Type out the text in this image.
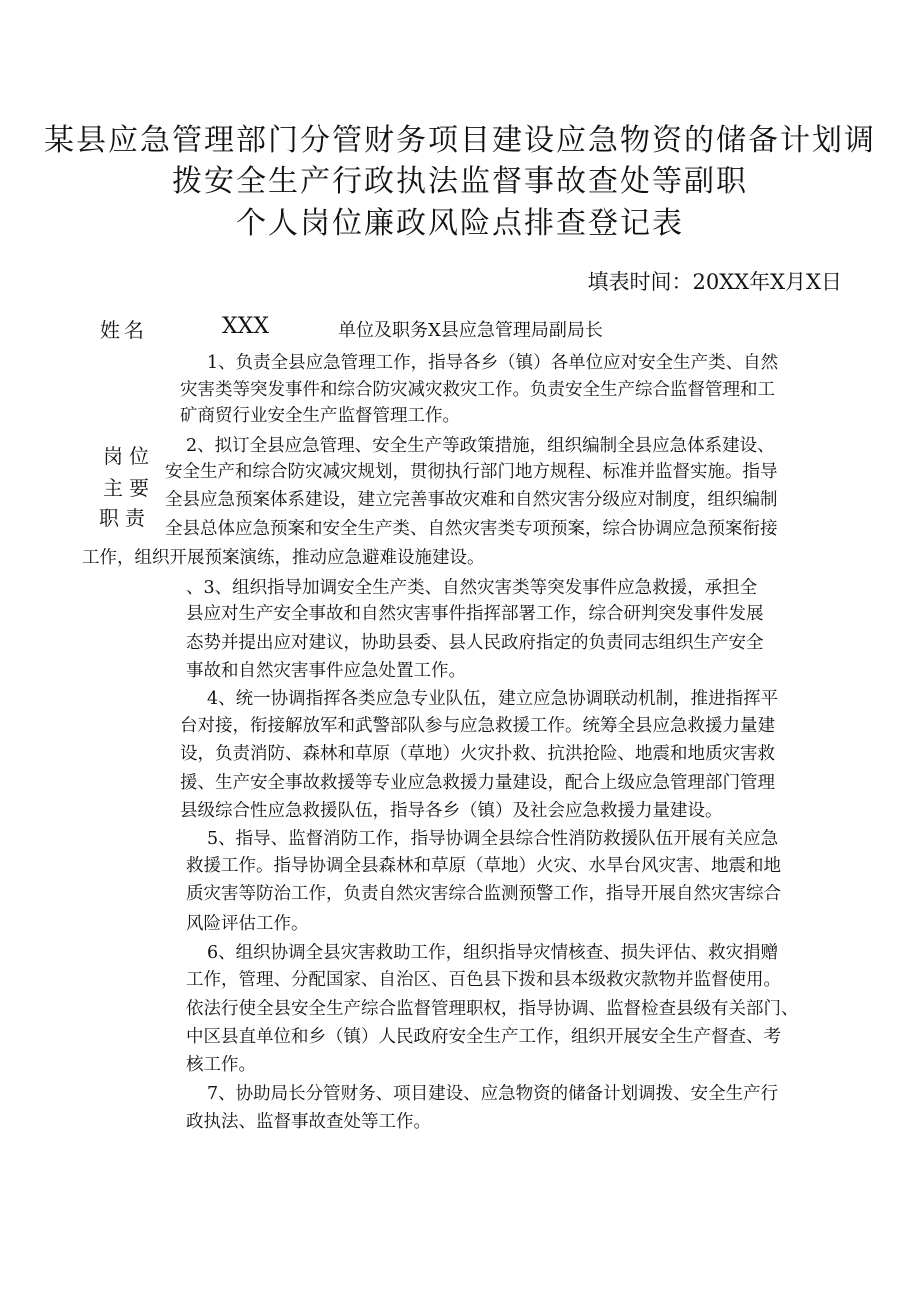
某县应急管理部门分管财务项目建设应急物资的储备计划调
拨安全生产行政执法监督事故查处等副职
个人岗位廉政风险点排查登记表
填表时间：20XX年X月X日
姓名	XXX	单位及职务X县应急管理局副局长
岗位
主要
职责
1、负责全县应急管理工作，指导各乡（镇）各单位应对安全生产类、自然
灾害类等突发事件和综合防灾减灾救灾工作。负责安全生产综合监督管理和工
矿商贸行业安全生产监督管理工作。
2、拟订全县应急管理、安全生产等政策措施，组织编制全县应急体系建设、
安全生产和综合防灾减灾规划，贯彻执行部门地方规程、标准并监督实施。指导
全县应急预案体系建设，建立完善事故灾难和自然灾害分级应对制度，组织编制
全县总体应急预案和安全生产类、自然灾害类专项预案，综合协调应急预案衔接
工作，组织开展预案演练，推动应急避难设施建设。
、3、组织指导加调安全生产类、自然灾害类等突发事件应急救援，承担全
县应对生产安全事故和自然灾害事件指挥部署工作，综合研判突发事件发展
态势并提出应对建议，协助县委、县人民政府指定的负责同志组织生产安全
事故和自然灾害事件应急处置工作。
4、统一协调指挥各类应急专业队伍，建立应急协调联动机制，推进指挥平
台对接，衔接解放军和武警部队参与应急救援工作。统筹全县应急救援力量建
设，负责消防、森林和草原（草地）火灾扑救、抗洪抢险、地震和地质灾害救
援、生产安全事故救援等专业应急救援力量建设，配合上级应急管理部门管理
县级综合性应急救援队伍，指导各乡（镇）及社会应急救援力量建设。
5、指导、监督消防工作，指导协调全县综合性消防救援队伍开展有关应急
救援工作。指导协调全县森林和草原（草地）火灾、水旱台风灾害、地震和地
质灾害等防治工作，负责自然灾害综合监测预警工作，指导开展自然灾害综合
风险评估工作。
6、组织协调全县灾害救助工作，组织指导灾情核查、损失评估、救灾捐赠
工作，管理、分配国家、自治区、百色县下拨和县本级救灾款物并监督使用。
依法行使全县安全生产综合监督管理职权，指导协调、监督检查县级有关部门、
中区县直单位和乡（镇）人民政府安全生产工作，组织开展安全生产督查、考
核工作。
7、协助局长分管财务、项目建设、应急物资的储备计划调拨、安全生产行
政执法、监督事故查处等工作。
